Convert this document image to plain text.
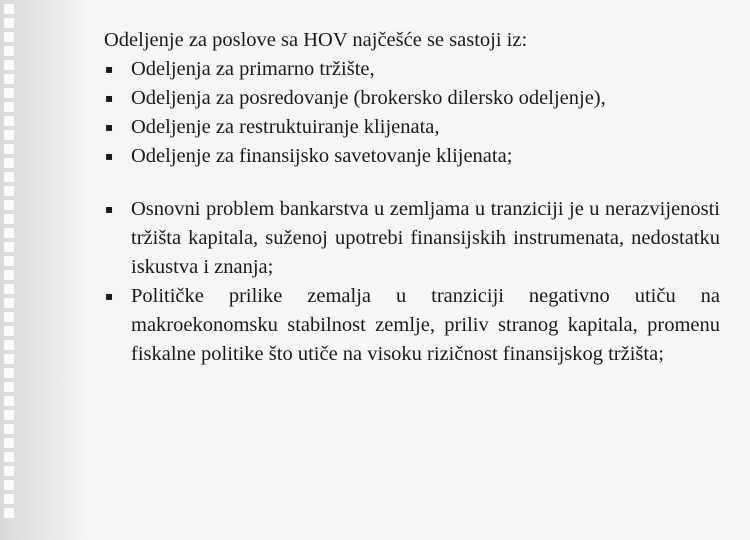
Odeljenje za poslove sa HOV najčešće se sastoji iz:

▪ Odeljenja za primarno tržište,
▪ Odeljenja za posredovanje (brokersko dilersko odeljenje),
▪ Odeljenje za restruktuiranje klijenata,
▪ Odeljenje za finansijsko savetovanje klijenata;
▪ Osnovni problem bankarstva u zemljama u tranziciji je u nerazvijenosti tržišta kapitala, suženoj upotrebi finansijskih instrumenata, nedostatku iskustva i znanja;
▪ Političke prilike zemalja u tranziciji negativno utiču na makroekonomsku stabilnost zemlje, priliv stranog kapitala, promenu fiskalne politike što utiče na visoku rizičnost finansijskog tržišta;
